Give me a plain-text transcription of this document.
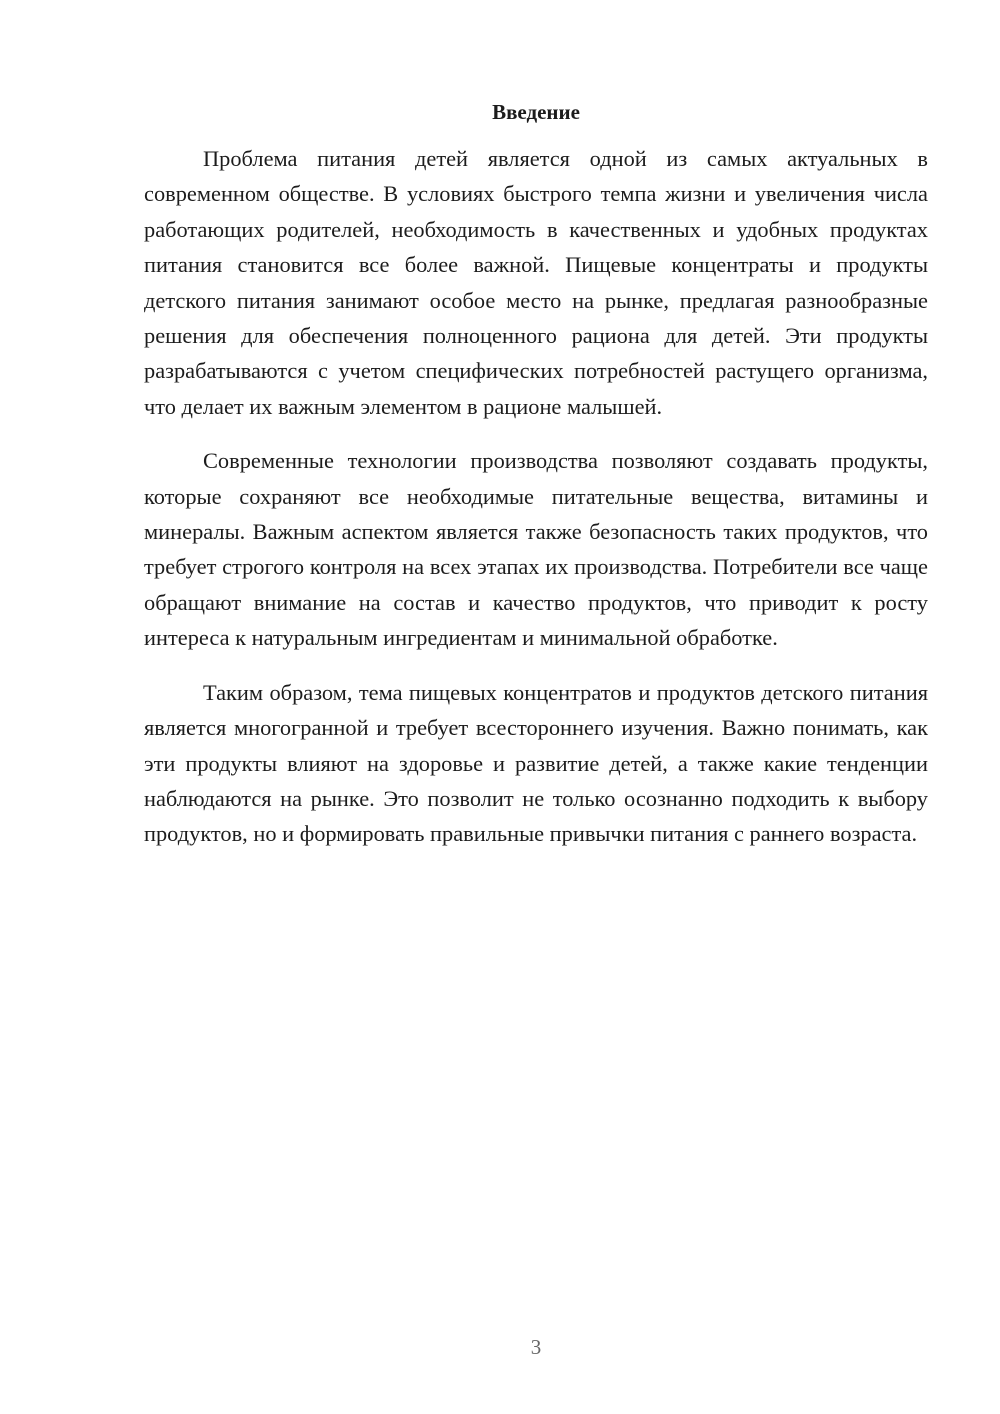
Введение

Проблема питания детей является одной из самых актуальных в современном обществе. В условиях быстрого темпа жизни и увеличения числа работающих родителей, необходимость в качественных и удобных продуктах питания становится все более важной. Пищевые концентраты и продукты детского питания занимают особое место на рынке, предлагая разнообразные решения для обеспечения полноценного рациона для детей. Эти продукты разрабатываются с учетом специфических потребностей растущего организма, что делает их важным элементом в рационе малышей.

Современные технологии производства позволяют создавать продукты, которые сохраняют все необходимые питательные вещества, витамины и минералы. Важным аспектом является также безопасность таких продуктов, что требует строгого контроля на всех этапах их производства. Потребители все чаще обращают внимание на состав и качество продуктов, что приводит к росту интереса к натуральным ингредиентам и минимальной обработке.

Таким образом, тема пищевых концентратов и продуктов детского питания является многогранной и требует всестороннего изучения. Важно понимать, как эти продукты влияют на здоровье и развитие детей, а также какие тенденции наблюдаются на рынке. Это позволит не только осознанно подходить к выбору продуктов, но и формировать правильные привычки питания с раннего возраста.

3
